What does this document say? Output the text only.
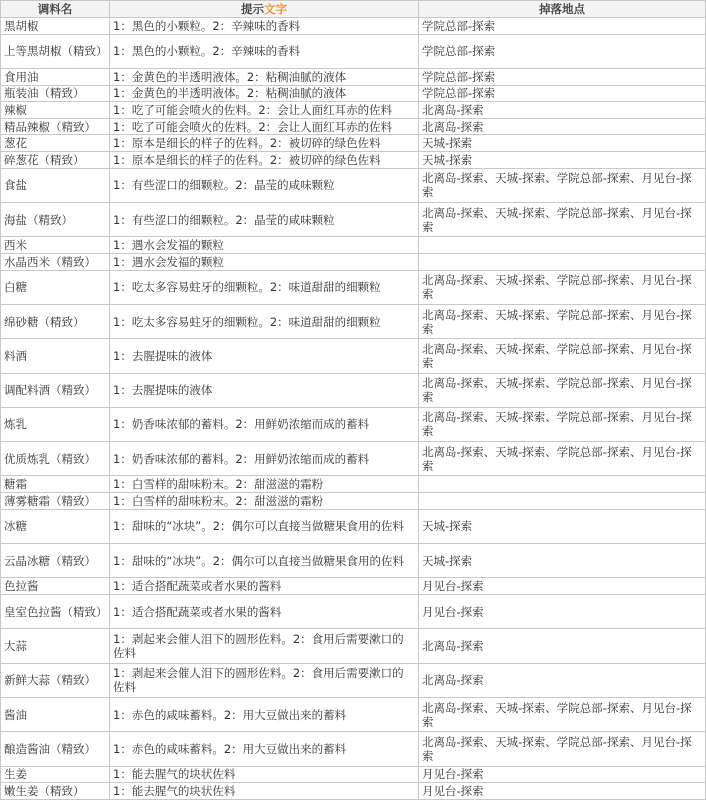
调料名	提示文字	掉落地点
黑胡椒	1：黑色的小颗粒。2：辛辣味的香料	学院总部-探索
上等黑胡椒（精致）	1：黑色的小颗粒。2：辛辣味的香料	学院总部-探索
食用油	1：金黄色的半透明液体。2：粘稠油腻的液体	学院总部-探索
瓶装油（精致）	1：金黄色的半透明液体。2：粘稠油腻的液体	学院总部-探索
辣椒	1：吃了可能会喷火的佐料。2：会让人面红耳赤的佐料	北离岛-探索
精品辣椒（精致）	1：吃了可能会喷火的佐料。2：会让人面红耳赤的佐料	北离岛-探索
葱花	1：原本是细长的样子的佐料。2：被切碎的绿色佐料	天城-探索
碎葱花（精致）	1：原本是细长的样子的佐料。2：被切碎的绿色佐料	天城-探索
食盐	1：有些涩口的细颗粒。2：晶莹的咸味颗粒	北离岛-探索、天城-探索、学院总部-探索、月见台-探索
海盐（精致）	1：有些涩口的细颗粒。2：晶莹的咸味颗粒	北离岛-探索、天城-探索、学院总部-探索、月见台-探索
西米	1：遇水会发福的颗粒	
水晶西米（精致）	1：遇水会发福的颗粒	
白糖	1：吃太多容易蛀牙的细颗粒。2：味道甜甜的细颗粒	北离岛-探索、天城-探索、学院总部-探索、月见台-探索
绵砂糖（精致）	1：吃太多容易蛀牙的细颗粒。2：味道甜甜的细颗粒	北离岛-探索、天城-探索、学院总部-探索、月见台-探索
料酒	1：去腥提味的液体	北离岛-探索、天城-探索、学院总部-探索、月见台-探索
调配料酒（精致）	1：去腥提味的液体	北离岛-探索、天城-探索、学院总部-探索、月见台-探索
炼乳	1：奶香味浓郁的蓄料。2：用鲜奶浓缩而成的蓄料	北离岛-探索、天城-探索、学院总部-探索、月见台-探索
优质炼乳（精致）	1：奶香味浓郁的蓄料。2：用鲜奶浓缩而成的蓄料	北离岛-探索、天城-探索、学院总部-探索、月见台-探索
糖霜	1：白雪样的甜味粉末。2：甜滋滋的霜粉	
薄雾糖霜（精致）	1：白雪样的甜味粉末。2：甜滋滋的霜粉	
冰糖	1：甜味的“冰块”。2：偶尔可以直接当做糖果食用的佐料	天城-探索
云晶冰糖（精致）	1：甜味的“冰块”。2：偶尔可以直接当做糖果食用的佐料	天城-探索
色拉酱	1：适合搭配蔬菜或者水果的酱料	月见台-探索
皇室色拉酱（精致）	1：适合搭配蔬菜或者水果的酱料	月见台-探索
大蒜	1：剥起来会催人泪下的圆形佐料。2：食用后需要漱口的佐料	北离岛-探索
新鲜大蒜（精致）	1：剥起来会催人泪下的圆形佐料。2：食用后需要漱口的佐料	北离岛-探索
酱油	1：赤色的咸味蓄料。2：用大豆做出来的蓄料	北离岛-探索、天城-探索、学院总部-探索、月见台-探索
酿造酱油（精致）	1：赤色的咸味蓄料。2：用大豆做出来的蓄料	北离岛-探索、天城-探索、学院总部-探索、月见台-探索
生姜	1：能去腥气的块状佐料	月见台-探索
嫩生姜（精致）	1：能去腥气的块状佐料	月见台-探索
